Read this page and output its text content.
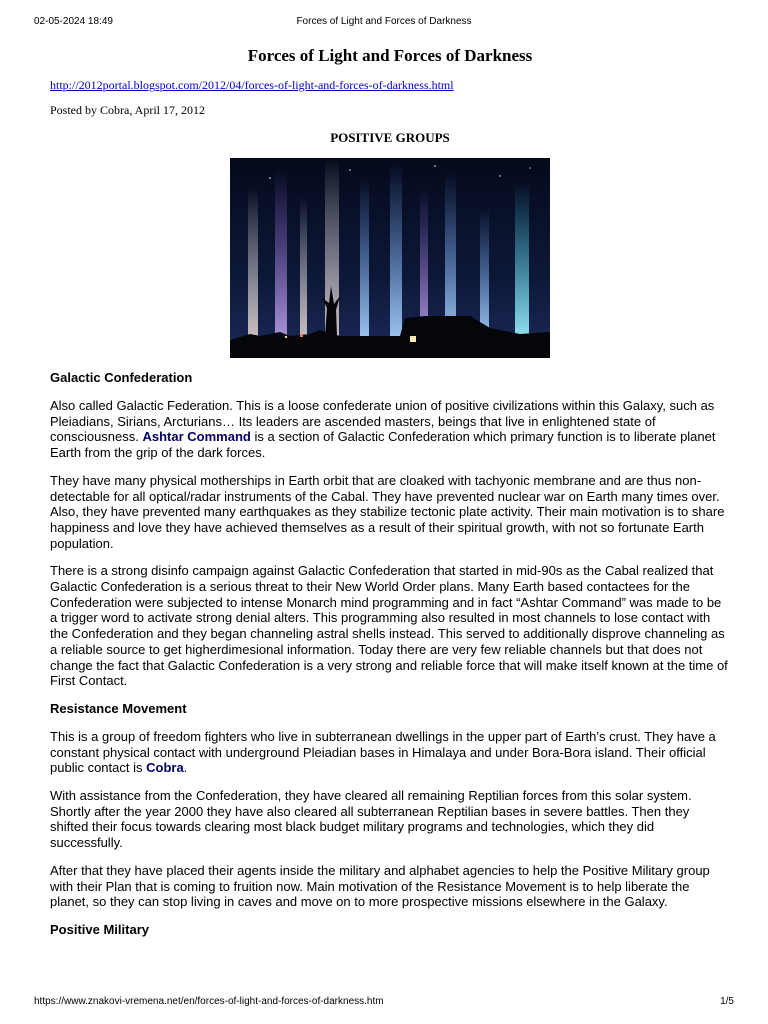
02-05-2024 18:49	Forces of Light and Forces of Darkness
Forces of Light and Forces of Darkness
http://2012portal.blogspot.com/2012/04/forces-of-light-and-forces-of-darkness.html
Posted by Cobra, April 17, 2012
POSITIVE GROUPS
Galactic Confederation

Also called Galactic Federation. This is a loose confederate union of positive civilizations within this Galaxy, such as Pleiadians, Sirians, Arcturians… Its leaders are ascended masters, beings that live in enlightened state of consciousness. Ashtar Command is a section of Galactic Confederation which primary function is to liberate planet Earth from the grip of the dark forces.

They have many physical motherships in Earth orbit that are cloaked with tachyonic membrane and are thus non-detectable for all optical/radar instruments of the Cabal. They have prevented nuclear war on Earth many times over. Also, they have prevented many earthquakes as they stabilize tectonic plate activity. Their main motivation is to share happiness and love they have achieved themselves as a result of their spiritual growth, with not so fortunate Earth population.

There is a strong disinfo campaign against Galactic Confederation that started in mid-90s as the Cabal realized that Galactic Confederation is a serious threat to their New World Order plans. Many Earth based contactees for the Confederation were subjected to intense Monarch mind programming and in fact “Ashtar Command” was made to be a trigger word to activate strong denial alters. This programming also resulted in most channels to lose contact with the Confederation and they began channeling astral shells instead. This served to additionally disprove channeling as a reliable source to get higherdimesional information. Today there are very few reliable channels but that does not change the fact that Galactic Confederation is a very strong and reliable force that will make itself known at the time of First Contact.

Resistance Movement

This is a group of freedom fighters who live in subterranean dwellings in the upper part of Earth’s crust. They have a constant physical contact with underground Pleiadian bases in Himalaya and under Bora-Bora island. Their official public contact is Cobra.

With assistance from the Confederation, they have cleared all remaining Reptilian forces from this solar system. Shortly after the year 2000 they have also cleared all subterranean Reptilian bases in severe battles. Then they shifted their focus towards clearing most black budget military programs and technologies, which they did successfully.

After that they have placed their agents inside the military and alphabet agencies to help the Positive Military group with their Plan that is coming to fruition now. Main motivation of the Resistance Movement is to help liberate the planet, so they can stop living in caves and move on to more prospective missions elsewhere in the Galaxy.

Positive Military
https://www.znakovi-vremena.net/en/forces-of-light-and-forces-of-darkness.htm	1/5
